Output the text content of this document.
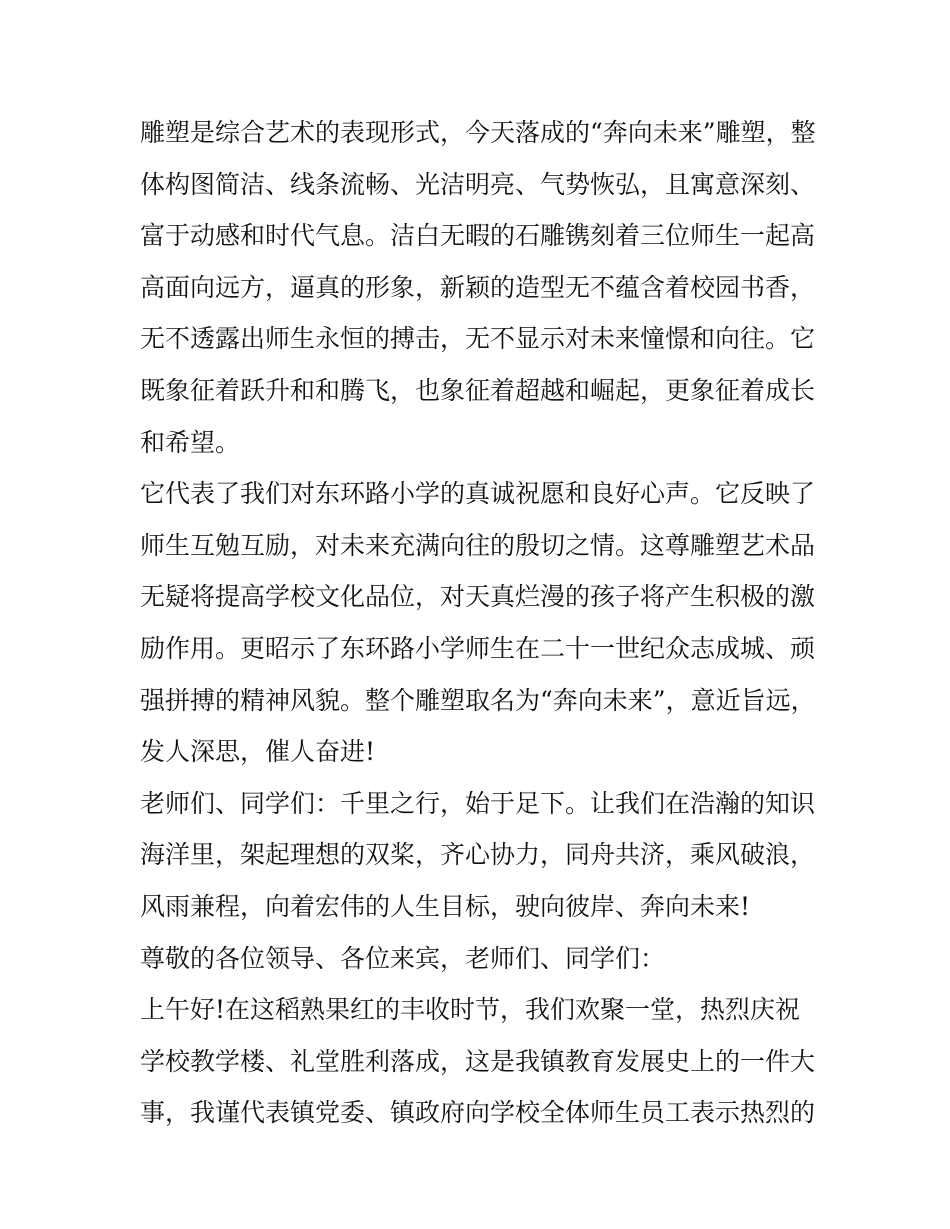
雕塑是综合艺术的表现形式，今天落成的“奔向未来”雕塑，整
体构图简洁、线条流畅、光洁明亮、气势恢弘，且寓意深刻、
富于动感和时代气息。洁白无暇的石雕镌刻着三位师生一起高
高面向远方，逼真的形象，新颖的造型无不蕴含着校园书香，
无不透露出师生永恒的搏击，无不显示对未来憧憬和向往。它
既象征着跃升和和腾飞，也象征着超越和崛起，更象征着成长
和希望。
它代表了我们对东环路小学的真诚祝愿和良好心声。它反映了
师生互勉互励，对未来充满向往的殷切之情。这尊雕塑艺术品
无疑将提高学校文化品位，对天真烂漫的孩子将产生积极的激
励作用。更昭示了东环路小学师生在二十一世纪众志成城、顽
强拼搏的精神风貌。整个雕塑取名为“奔向未来”，意近旨远，
发人深思，催人奋进!
老师们、同学们：千里之行，始于足下。让我们在浩瀚的知识
海洋里，架起理想的双桨，齐心协力，同舟共济，乘风破浪，
风雨兼程，向着宏伟的人生目标，驶向彼岸、奔向未来!
尊敬的各位领导、各位来宾，老师们、同学们：
上午好!在这稻熟果红的丰收时节，我们欢聚一堂，热烈庆祝
学校教学楼、礼堂胜利落成，这是我镇教育发展史上的一件大
事，我谨代表镇党委、镇政府向学校全体师生员工表示热烈的
